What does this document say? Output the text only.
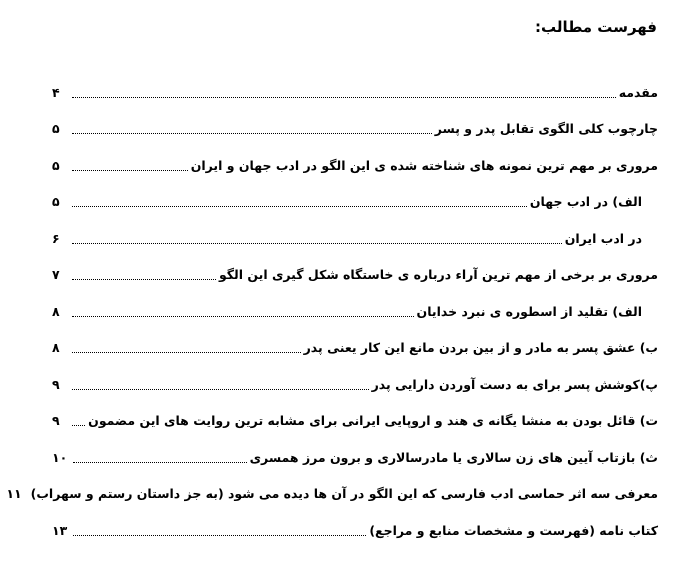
فهرست مطالب:
مقدمه
۴
چارچوب کلی الگوی تقابل پدر و پسر
۵
مروری بر مهم ترین نمونه های شناخته شده ی این الگو در ادب جهان و ایران
۵
الف) در ادب جهان
۵
در ادب ایران
۶
مروری بر برخی از مهم ترین آراء درباره ی خاستگاه شکل گیری این الگو
۷
الف) تقلید از اسطوره ی نبرد خدایان
۸
ب) عشق پسر به مادر و از بین بردن مانع این کار یعنی پدر
۸
پ)کوشش پسر برای به دست آوردن دارایی پدر
۹
ت) قائل بودن به منشا یگانه ی هند و اروپایی ایرانی برای مشابه ترین روایت های این مضمون
۹
ث) بازتاب آیین های زن سالاری یا مادرسالاری و برون مرز همسری
۱۰
معرفی سه اثر حماسی ادب فارسی که این الگو در آن ها دیده می شود (به جز داستان رستم و سهراب)
۱۱
کتاب نامه (فهرست و مشخصات منابع و مراجع)
۱۳
